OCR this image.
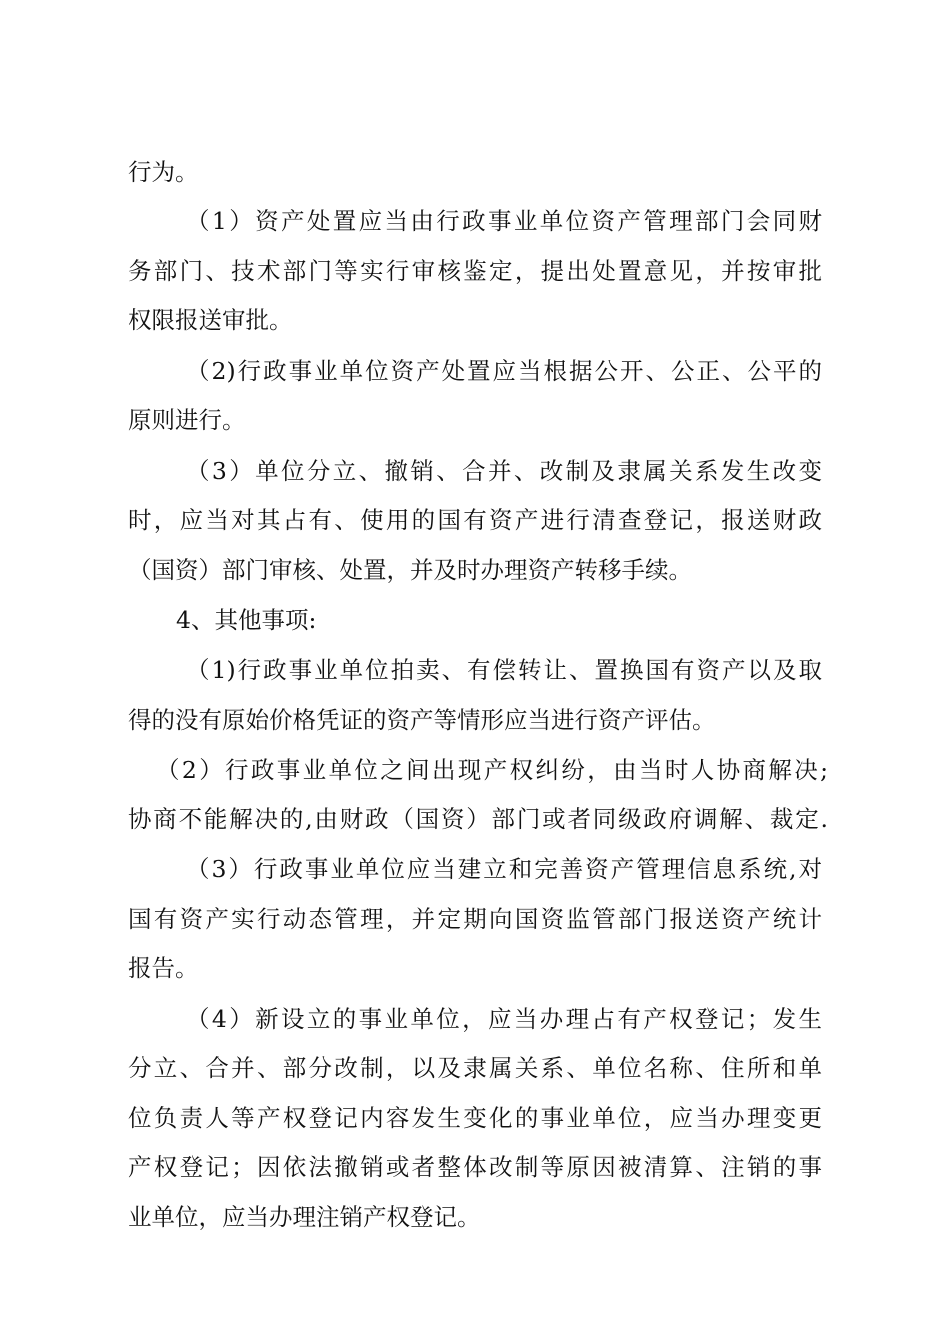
行为。
（1）资产处置应当由行政事业单位资产管理部门会同财
务部门、技术部门等实行审核鉴定，提出处置意见，并按审批
权限报送审批。
（2)行政事业单位资产处置应当根据公开、公正、公平的
原则进行。
（3）单位分立、撤销、合并、改制及隶属关系发生改变
时，应当对其占有、使用的国有资产进行清查登记，报送财政
（国资）部门审核、处置，并及时办理资产转移手续。
4、其他事项:
（1)行政事业单位拍卖、有偿转让、置换国有资产以及取
得的没有原始价格凭证的资产等情形应当进行资产评估。
（2）行政事业单位之间出现产权纠纷，由当时人协商解决;
协商不能解决的,由财政（国资）部门或者同级政府调解、裁定.
（3）行政事业单位应当建立和完善资产管理信息系统,对
国有资产实行动态管理，并定期向国资监管部门报送资产统计
报告。
（4）新设立的事业单位，应当办理占有产权登记；发生
分立、合并、部分改制，以及隶属关系、单位名称、住所和单
位负责人等产权登记内容发生变化的事业单位，应当办理变更
产权登记；因依法撤销或者整体改制等原因被清算、注销的事
业单位，应当办理注销产权登记。
